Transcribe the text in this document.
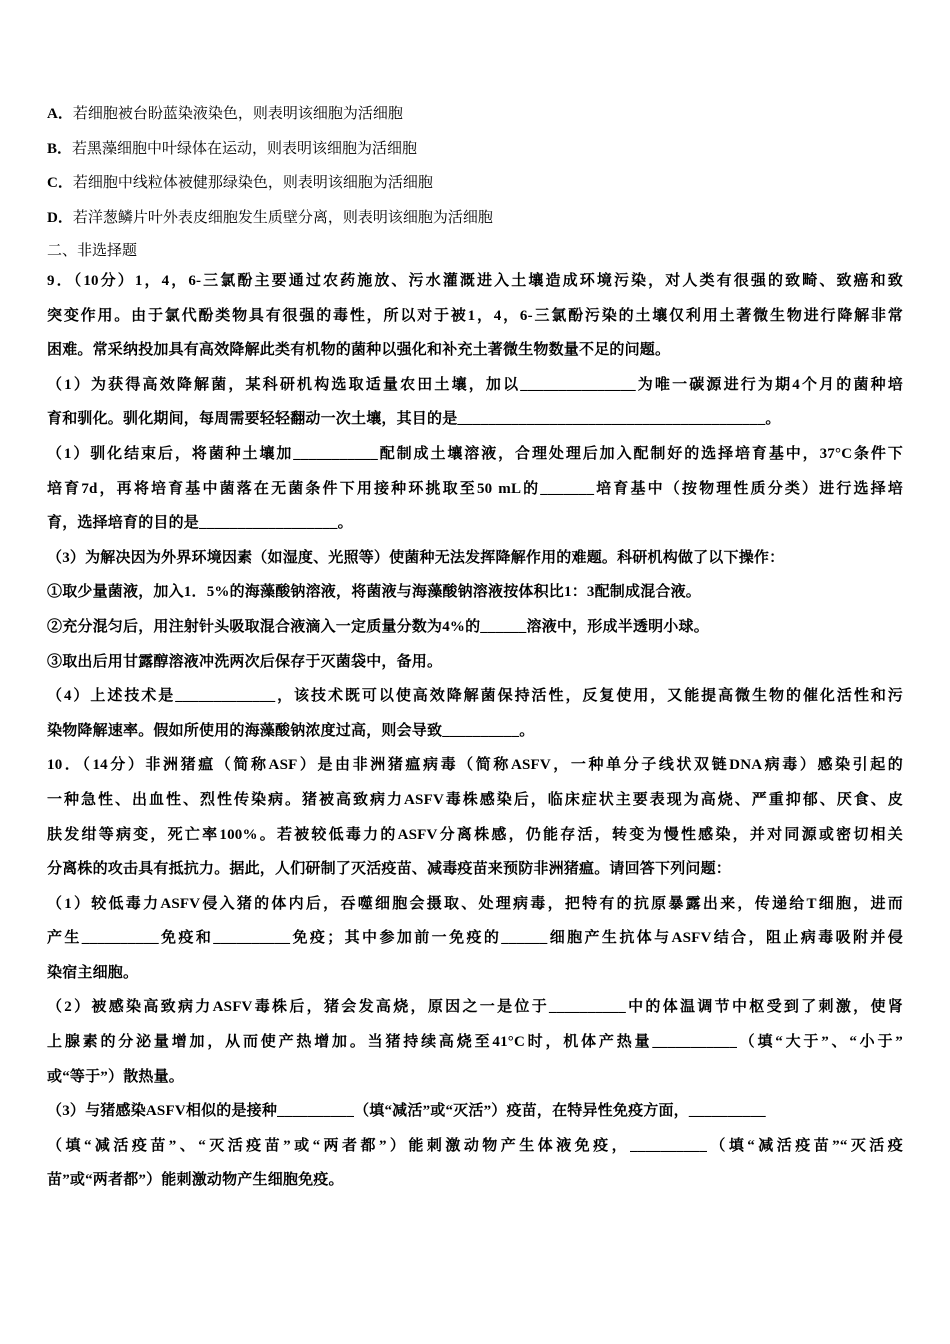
A．若细胞被台盼蓝染液染色，则表明该细胞为活细胞
B．若黑藻细胞中叶绿体在运动，则表明该细胞为活细胞
C．若细胞中线粒体被健那绿染色，则表明该细胞为活细胞
D．若洋葱鳞片叶外表皮细胞发生质壁分离，则表明该细胞为活细胞
二、非选择题
9．（10分）1，4，6-三氯酚主要通过农药施放、污水灌溉进入土壤造成环境污染，对人类有很强的致畸、致癌和致
突变作用。由于氯代酚类物具有很强的毒性，所以对于被1，4，6-三氯酚污染的土壤仅利用土著微生物进行降解非常
困难。常采纳投加具有高效降解此类有机物的菌种以强化和补充土著微生物数量不足的问题。
（1）为获得高效降解菌，某科研机构选取适量农田土壤，加以_______________为唯一碳源进行为期4个月的菌种培
育和驯化。驯化期间，每周需要轻轻翻动一次土壤，其目的是________________________________________。
（1）驯化结束后，将菌种土壤加___________配制成土壤溶液，合理处理后加入配制好的选择培育基中，37°C条件下
培育7d，再将培育基中菌落在无菌条件下用接种环挑取至50 mL的_______培育基中（按物理性质分类）进行选择培
育，选择培育的目的是__________________。
（3）为解决因为外界环境因素（如湿度、光照等）使菌种无法发挥降解作用的难题。科研机构做了以下操作：
①取少量菌液，加入1．5%的海藻酸钠溶液，将菌液与海藻酸钠溶液按体积比1：3配制成混合液。
②充分混匀后，用注射针头吸取混合液滴入一定质量分数为4%的______溶液中，形成半透明小球。
③取出后用甘露醇溶液冲洗两次后保存于灭菌袋中，备用。
（4）上述技术是_____________，该技术既可以使高效降解菌保持活性，反复使用，又能提高微生物的催化活性和污
染物降解速率。假如所使用的海藻酸钠浓度过高，则会导致__________。
10．（14分）非洲猪瘟（简称ASF）是由非洲猪瘟病毒（简称ASFV，一种单分子线状双链DNA病毒）感染引起的
一种急性、出血性、烈性传染病。猪被高致病力ASFV毒株感染后，临床症状主要表现为高烧、严重抑郁、厌食、皮
肤发绀等病变，死亡率100%。若被较低毒力的ASFV分离株感，仍能存活，转变为慢性感染，并对同源或密切相关
分离株的攻击具有抵抗力。据此，人们研制了灭活疫苗、减毒疫苗来预防非洲猪瘟。请回答下列问题：
（1）较低毒力ASFV侵入猪的体内后，吞噬细胞会摄取、处理病毒，把特有的抗原暴露出来，传递给T细胞，进而
产生__________免疫和__________免疫；其中参加前一免疫的______细胞产生抗体与ASFV结合，阻止病毒吸附并侵
染宿主细胞。
（2）被感染高致病力ASFV毒株后，猪会发高烧，原因之一是位于__________中的体温调节中枢受到了刺激，使肾
上腺素的分泌量增加，从而使产热增加。当猪持续高烧至41°C时，机体产热量___________（填“大于”、“小于”
或“等于”）散热量。
（3）与猪感染ASFV相似的是接种__________（填“减活”或“灭活”）疫苗，在特异性免疫方面，__________
（填“减活疫苗”、“灭活疫苗”或“两者都”）能刺激动物产生体液免疫，__________（填“减活疫苗”“灭活疫
苗”或“两者都”）能刺激动物产生细胞免疫。
